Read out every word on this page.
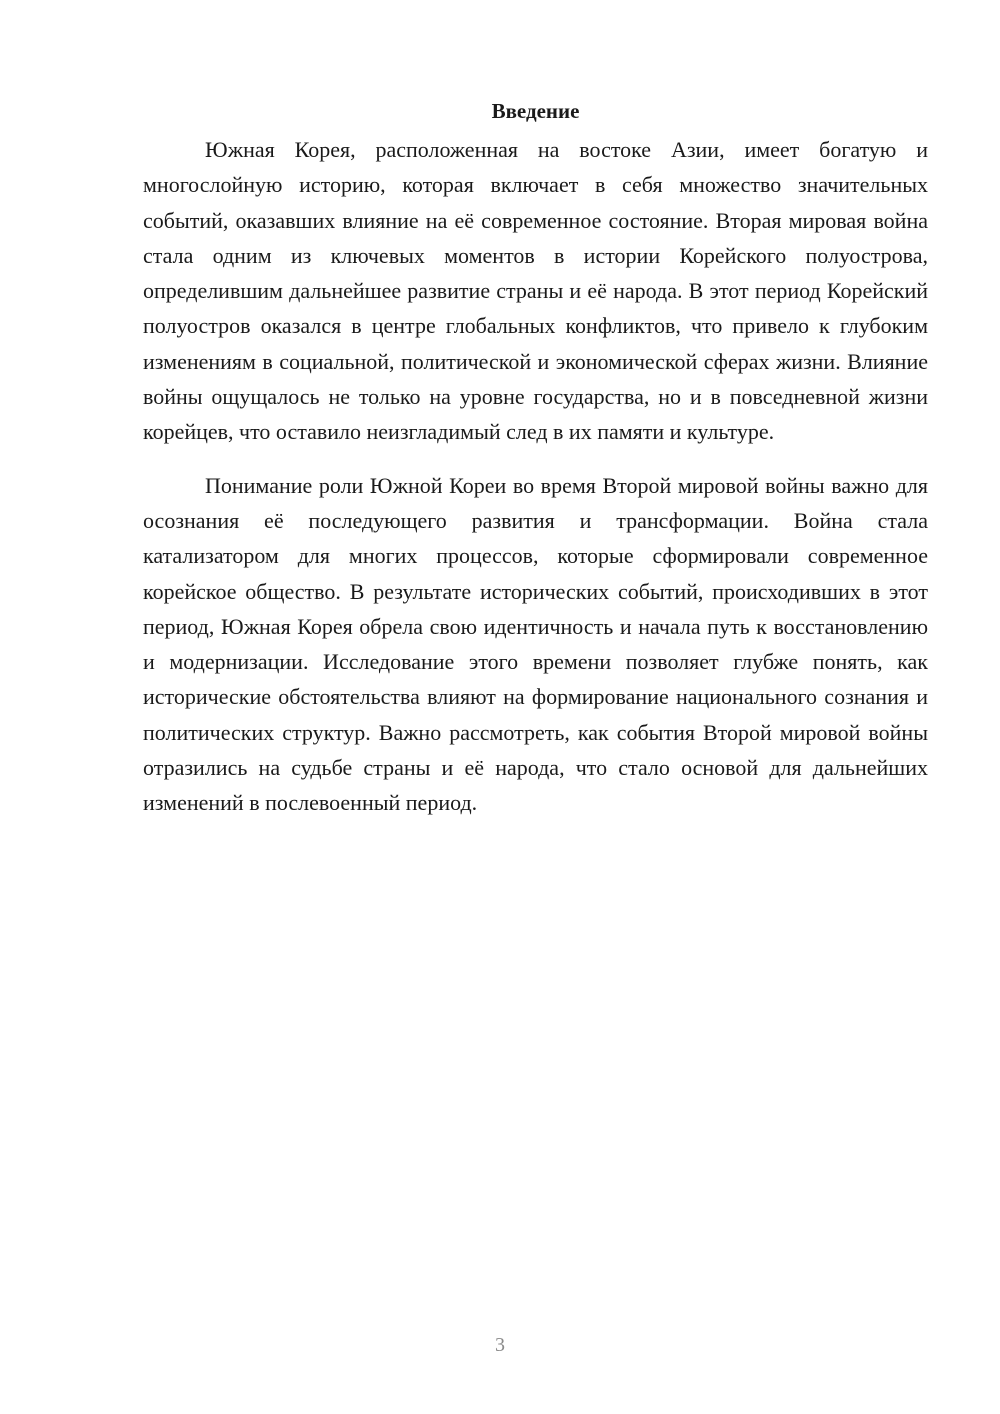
Введение

Южная Корея, расположенная на востоке Азии, имеет богатую и многослойную историю, которая включает в себя множество значительных событий, оказавших влияние на её современное состояние. Вторая мировая война стала одним из ключевых моментов в истории Корейского полуострова, определившим дальнейшее развитие страны и её народа. В этот период Корейский полуостров оказался в центре глобальных конфликтов, что привело к глубоким изменениям в социальной, политической и экономической сферах жизни. Влияние войны ощущалось не только на уровне государства, но и в повседневной жизни корейцев, что оставило неизгладимый след в их памяти и культуре.

Понимание роли Южной Кореи во время Второй мировой войны важно для осознания её последующего развития и трансформации. Война стала катализатором для многих процессов, которые сформировали современное корейское общество. В результате исторических событий, происходивших в этот период, Южная Корея обрела свою идентичность и начала путь к восстановлению и модернизации. Исследование этого времени позволяет глубже понять, как исторические обстоятельства влияют на формирование национального сознания и политических структур. Важно рассмотреть, как события Второй мировой войны отразились на судьбе страны и её народа, что стало основой для дальнейших изменений в послевоенный период.

3
